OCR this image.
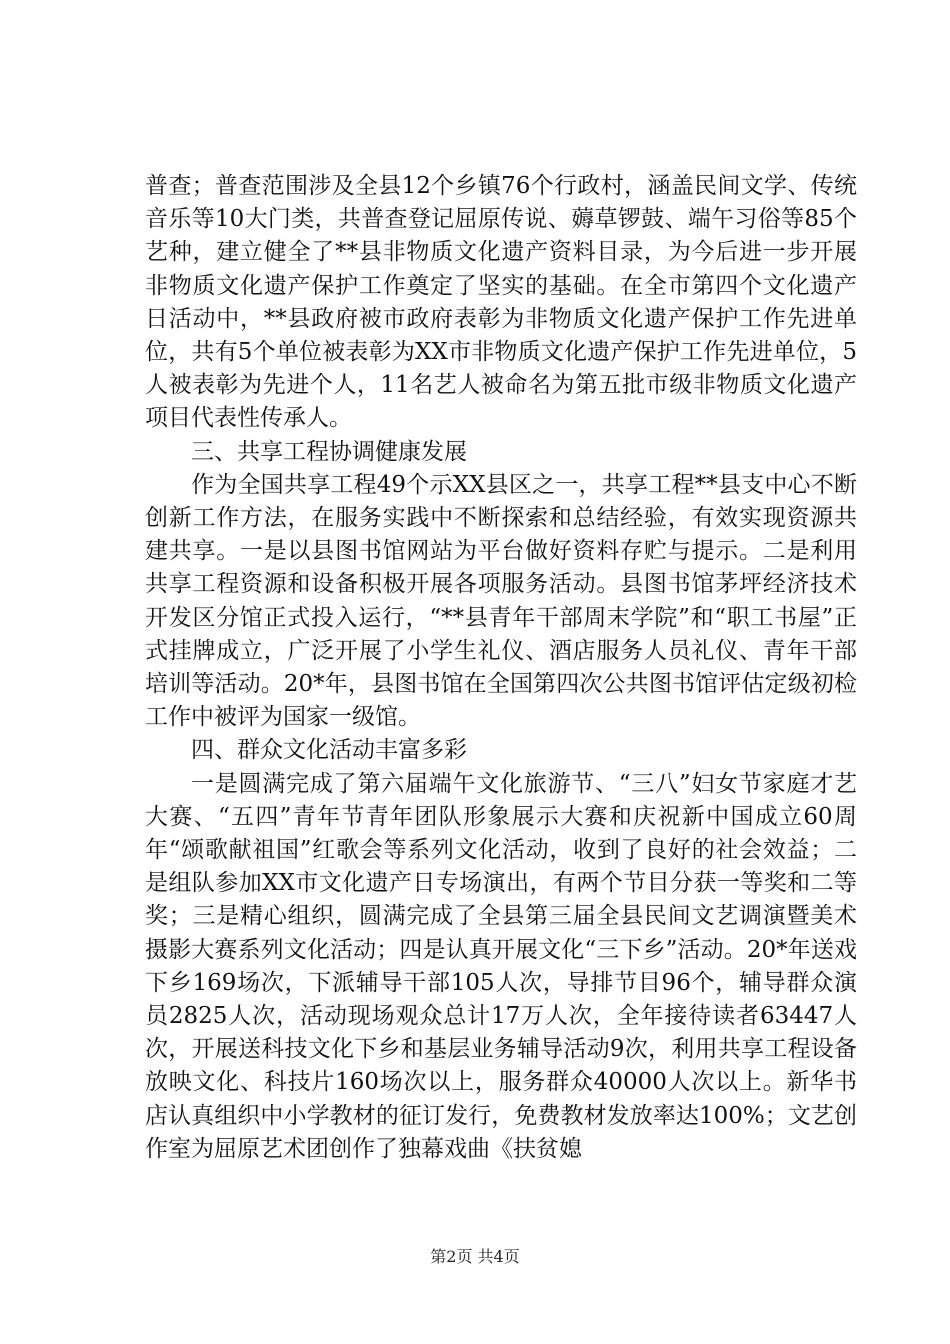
普查；普查范围涉及全县12个乡镇76个行政村，涵盖民间文学、传统音乐等10大门类，共普查登记屈原传说、薅草锣鼓、端午习俗等85个艺种，建立健全了**县非物质文化遗产资料目录，为今后进一步开展非物质文化遗产保护工作奠定了坚实的基础。在全市第四个文化遗产日活动中，**县政府被市政府表彰为非物质文化遗产保护工作先进单位，共有5个单位被表彰为XX市非物质文化遗产保护工作先进单位，5人被表彰为先进个人，11名艺人被命名为第五批市级非物质文化遗产项目代表性传承人。

三、共享工程协调健康发展

作为全国共享工程49个示XX县区之一，共享工程**县支中心不断创新工作方法，在服务实践中不断探索和总结经验，有效实现资源共建共享。一是以县图书馆网站为平台做好资料存贮与提示。二是利用共享工程资源和设备积极开展各项服务活动。县图书馆茅坪经济技术开发区分馆正式投入运行，“**县青年干部周末学院”和“职工书屋”正式挂牌成立，广泛开展了小学生礼仪、酒店服务人员礼仪、青年干部培训等活动。20*年，县图书馆在全国第四次公共图书馆评估定级初检工作中被评为国家一级馆。

四、群众文化活动丰富多彩

一是圆满完成了第六届端午文化旅游节、“三八”妇女节家庭才艺大赛、“五四”青年节青年团队形象展示大赛和庆祝新中国成立60周年“颂歌献祖国”红歌会等系列文化活动，收到了良好的社会效益；二是组队参加XX市文化遗产日专场演出，有两个节目分获一等奖和二等奖；三是精心组织，圆满完成了全县第三届全县民间文艺调演暨美术摄影大赛系列文化活动；四是认真开展文化“三下乡”活动。20*年送戏下乡169场次，下派辅导干部105人次，导排节目96个，辅导群众演员2825人次，活动现场观众总计17万人次，全年接待读者63447人次，开展送科技文化下乡和基层业务辅导活动9次，利用共享工程设备放映文化、科技片160场次以上，服务群众40000人次以上。新华书店认真组织中小学教材的征订发行，免费教材发放率达100%；文艺创作室为屈原艺术团创作了独幕戏曲《扶贫媳

第2页 共4页
